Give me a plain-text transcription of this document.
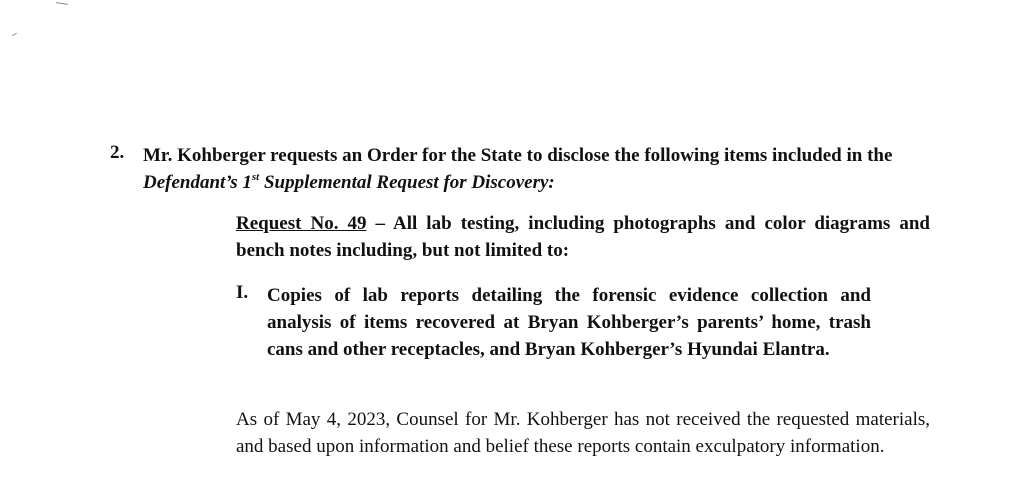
2. Mr. Kohberger requests an Order for the State to disclose the following items included in the Defendant’s 1st Supplemental Request for Discovery:
Request No. 49 – All lab testing, including photographs and color diagrams and bench notes including, but not limited to:
I. Copies of lab reports detailing the forensic evidence collection and analysis of items recovered at Bryan Kohberger’s parents’ home, trash cans and other receptacles, and Bryan Kohberger’s Hyundai Elantra.
As of May 4, 2023, Counsel for Mr. Kohberger has not received the requested materials, and based upon information and belief these reports contain exculpatory information.
